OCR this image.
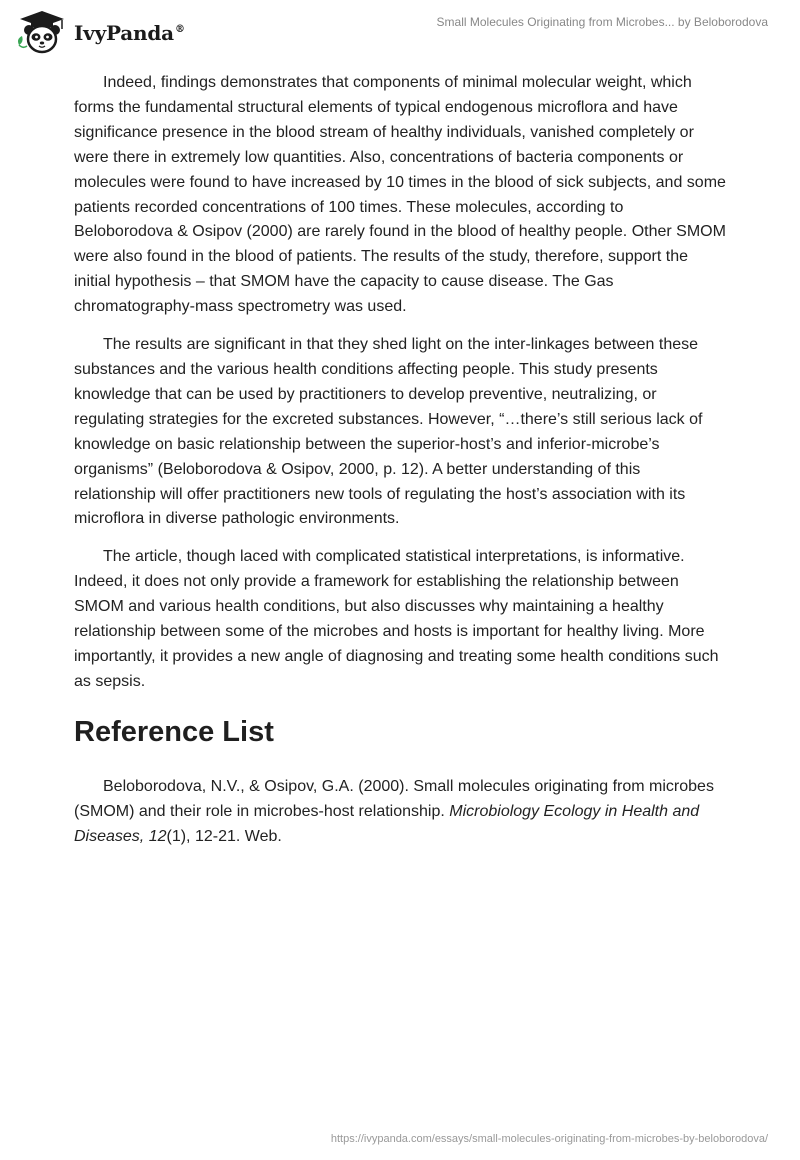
IvyPanda®
Small Molecules Originating from Microbes... by Beloborodova

Indeed, findings demonstrates that components of minimal molecular weight, which forms the fundamental structural elements of typical endogenous microflora and have significance presence in the blood stream of healthy individuals, vanished completely or were there in extremely low quantities. Also, concentrations of bacteria components or molecules were found to have increased by 10 times in the blood of sick subjects, and some patients recorded concentrations of 100 times. These molecules, according to Beloborodova & Osipov (2000) are rarely found in the blood of healthy people. Other SMOM were also found in the blood of patients. The results of the study, therefore, support the initial hypothesis – that SMOM have the capacity to cause disease. The Gas chromatography-mass spectrometry was used.

The results are significant in that they shed light on the inter-linkages between these substances and the various health conditions affecting people. This study presents knowledge that can be used by practitioners to develop preventive, neutralizing, or regulating strategies for the excreted substances. However, “…there’s still serious lack of knowledge on basic relationship between the superior-host’s and inferior-microbe’s organisms” (Beloborodova & Osipov, 2000, p. 12). A better understanding of this relationship will offer practitioners new tools of regulating the host’s association with its microflora in diverse pathologic environments.

The article, though laced with complicated statistical interpretations, is informative. Indeed, it does not only provide a framework for establishing the relationship between SMOM and various health conditions, but also discusses why maintaining a healthy relationship between some of the microbes and hosts is important for healthy living. More importantly, it provides a new angle of diagnosing and treating some health conditions such as sepsis.

Reference List

Beloborodova, N.V., & Osipov, G.A. (2000). Small molecules originating from microbes (SMOM) and their role in microbes-host relationship. Microbiology Ecology in Health and Diseases, 12(1), 12-21. Web.

https://ivypanda.com/essays/small-molecules-originating-from-microbes-by-beloborodova/
